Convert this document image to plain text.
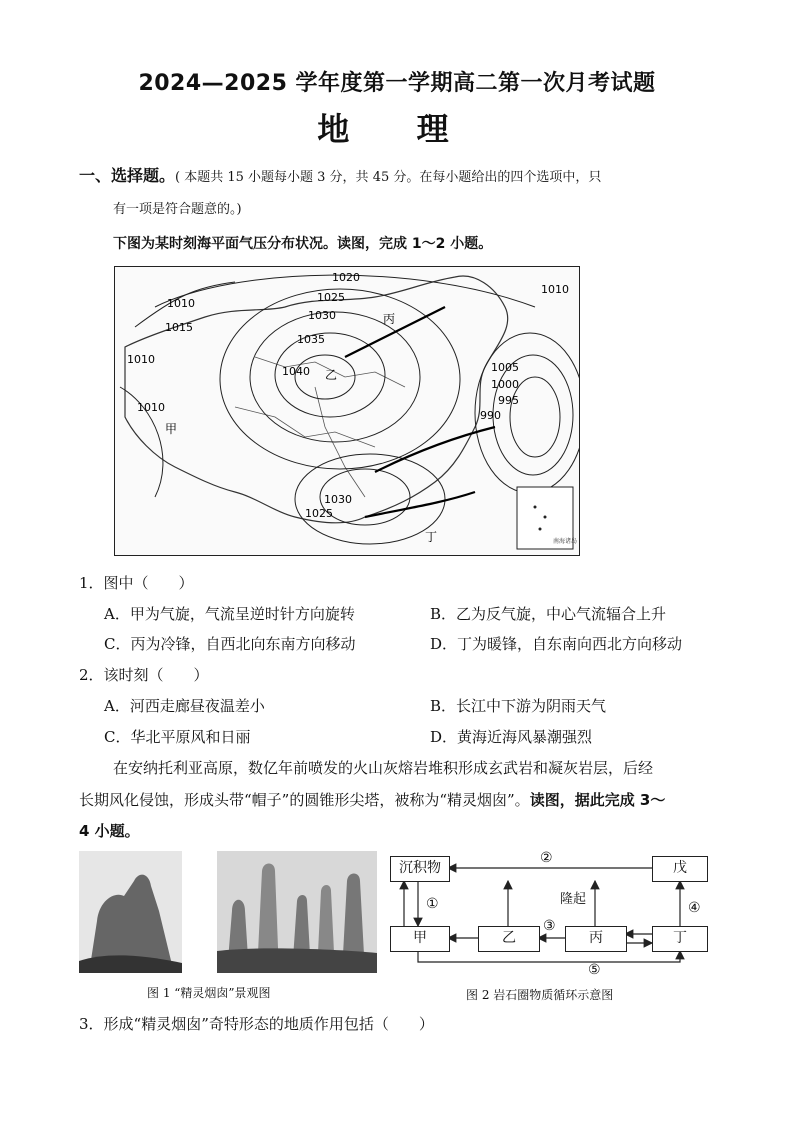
2024—2025 学年度第一学期高二第一次月考试题
地 理
一、选择题。( 本题共 15 小题每小题 3 分，共 45 分。在每小题给出的四个选项中，只
有一项是符合题意的。)
下图为某时刻海平面气压分布状况。读图，完成 1～2 小题。
南海诸岛
1020
1025
1030
1035
1040
1010
1015
1010
1010
1005
1000
995
990
1030
1025
1010
甲
乙
丙
丁
1．图中（　　）
A．甲为气旋，气流呈逆时针方向旋转	B．乙为反气旋，中心气流辐合上升
C．丙为冷锋，自西北向东南方向移动	D．丁为暖锋，自东南向西北方向移动
2．该时刻（　　）
A．河西走廊昼夜温差小	B．长江中下游为阴雨天气
C．华北平原风和日丽	D．黄海近海风暴潮强烈
在安纳托利亚高原，数亿年前喷发的火山灰熔岩堆积形成玄武岩和凝灰岩层，后经
长期风化侵蚀，形成头带“帽子”的圆锥形尖塔，被称为“精灵烟囱”。读图，据此完成 3～
4 小题。
图 1 “精灵烟囱”景观图
沉积物	戊
甲	乙	丙	丁
隆起
①
②
③
④
⑤
图 2 岩石圈物质循环示意图
3．形成“精灵烟囱”奇特形态的地质作用包括（　　）
